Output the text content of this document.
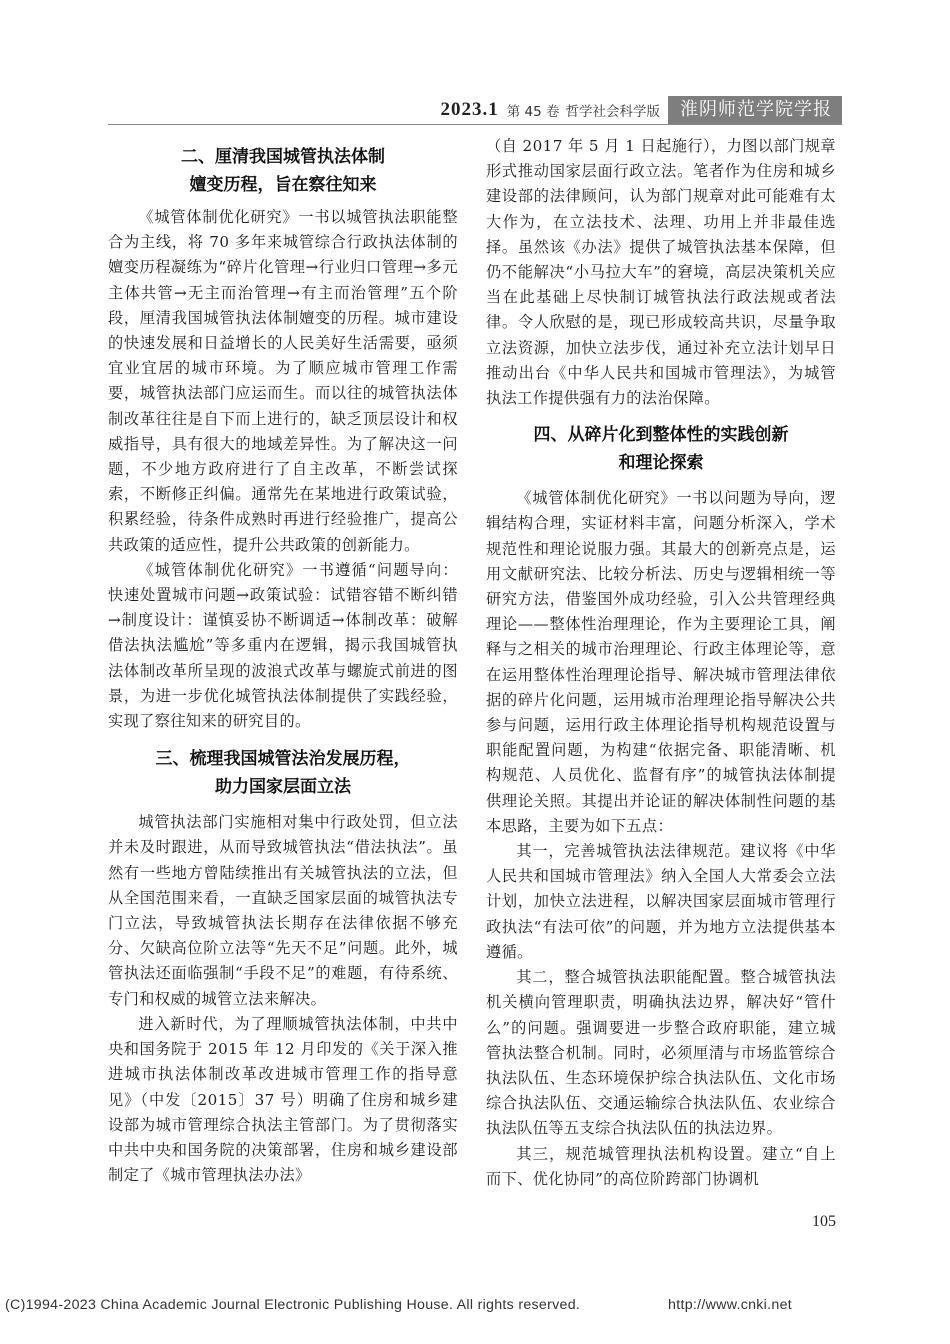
2023.1 第 45 卷 哲学社会科学版	淮阴师范学院学报
二、厘清我国城管执法体制
嬗变历程，旨在察往知来

《城管体制优化研究》一书以城管执法职能整合为主线，将 70 多年来城管综合行政执法体制的嬗变历程凝练为“碎片化管理→行业归口管理→多元主体共管→无主而治管理→有主而治管理”五个阶段，厘清我国城管执法体制嬗变的历程。城市建设的快速发展和日益增长的人民美好生活需要，亟须宜业宜居的城市环境。为了顺应城市管理工作需要，城管执法部门应运而生。而以往的城管执法体制改革往往是自下而上进行的，缺乏顶层设计和权威指导，具有很大的地域差异性。为了解决这一问题，不少地方政府进行了自主改革，不断尝试探索，不断修正纠偏。通常先在某地进行政策试验，积累经验，待条件成熟时再进行经验推广，提高公共政策的适应性，提升公共政策的创新能力。

《城管体制优化研究》一书遵循“问题导向：快速处置城市问题→政策试验：试错容错不断纠错→制度设计：谨慎妥协不断调适→体制改革：破解借法执法尴尬”等多重内在逻辑，揭示我国城管执法体制改革所呈现的波浪式改革与螺旋式前进的图景，为进一步优化城管执法体制提供了实践经验，实现了察往知来的研究目的。

三、梳理我国城管法治发展历程，
助力国家层面立法

城管执法部门实施相对集中行政处罚，但立法并未及时跟进，从而导致城管执法“借法执法”。虽然有一些地方曾陆续推出有关城管执法的立法，但从全国范围来看，一直缺乏国家层面的城管执法专门立法，导致城管执法长期存在法律依据不够充分、欠缺高位阶立法等“先天不足”问题。此外，城管执法还面临强制“手段不足”的难题，有待系统、专门和权威的城管立法来解决。

进入新时代，为了理顺城管执法体制，中共中央和国务院于 2015 年 12 月印发的《关于深入推进城市执法体制改革改进城市管理工作的指导意见》（中发〔2015〕37 号）明确了住房和城乡建设部为城市管理综合执法主管部门。为了贯彻落实中共中央和国务院的决策部署，住房和城乡建设部制定了《城市管理执法办法》

（自 2017 年 5 月 1 日起施行），力图以部门规章形式推动国家层面行政立法。笔者作为住房和城乡建设部的法律顾问，认为部门规章对此可能难有太大作为，在立法技术、法理、功用上并非最佳选择。虽然该《办法》提供了城管执法基本保障，但仍不能解决“小马拉大车”的窘境，高层决策机关应当在此基础上尽快制订城管执法行政法规或者法律。令人欣慰的是，现已形成较高共识，尽量争取立法资源，加快立法步伐，通过补充立法计划早日推动出台《中华人民共和国城市管理法》，为城管执法工作提供强有力的法治保障。

四、从碎片化到整体性的实践创新
和理论探索

《城管体制优化研究》一书以问题为导向，逻辑结构合理，实证材料丰富，问题分析深入，学术规范性和理论说服力强。其最大的创新亮点是，运用文献研究法、比较分析法、历史与逻辑相统一等研究方法，借鉴国外成功经验，引入公共管理经典理论——整体性治理理论，作为主要理论工具，阐释与之相关的城市治理理论、行政主体理论等，意在运用整体性治理理论指导、解决城市管理法律依据的碎片化问题，运用城市治理理论指导解决公共参与问题，运用行政主体理论指导机构规范设置与职能配置问题，为构建“依据完备、职能清晰、机构规范、人员优化、监督有序”的城管执法体制提供理论关照。其提出并论证的解决体制性问题的基本思路，主要为如下五点：

其一，完善城管执法法律规范。建议将《中华人民共和国城市管理法》纳入全国人大常委会立法计划，加快立法进程，以解决国家层面城市管理行政执法“有法可依”的问题，并为地方立法提供基本遵循。

其二，整合城管执法职能配置。整合城管执法机关横向管理职责，明确执法边界，解决好“管什么”的问题。强调要进一步整合政府职能，建立城管执法整合机制。同时，必须厘清与市场监管综合执法队伍、生态环境保护综合执法队伍、文化市场综合执法队伍、交通运输综合执法队伍、农业综合执法队伍等五支综合执法队伍的执法边界。

其三，规范城管理执法机构设置。建立“自上而下、优化协同”的高位阶跨部门协调机

105
(C)1994-2023 China Academic Journal Electronic Publishing House. All rights reserved.	http://www.cnki.net
